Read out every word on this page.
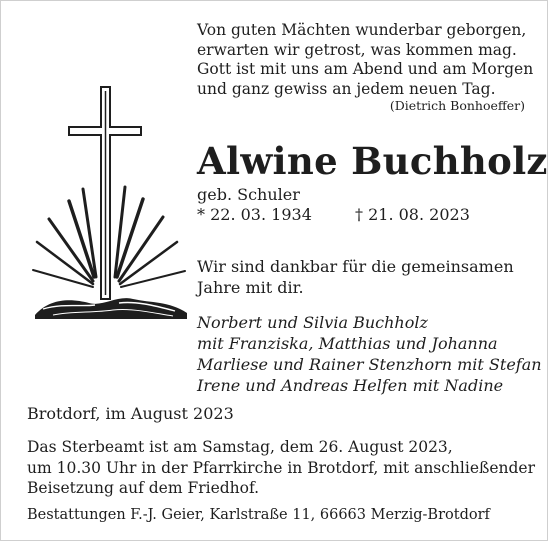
Von guten Mächten wunderbar geborgen,
erwarten wir getrost, was kommen mag.
Gott ist mit uns am Abend und am Morgen
und ganz gewiss an jedem neuen Tag.
(Dietrich Bonhoeffer)
Alwine Buchholz
geb. Schuler
* 22. 03. 1934	† 21. 08. 2023
Wir sind dankbar für die gemeinsamen
Jahre mit dir.
Norbert und Silvia Buchholz
mit Franziska, Matthias und Johanna
Marliese und Rainer Stenzhorn mit Stefan
Irene und Andreas Helfen mit Nadine
Brotdorf, im August 2023
Das Sterbeamt ist am Samstag, dem 26. August 2023,
um 10.30 Uhr in der Pfarrkirche in Brotdorf, mit anschließender
Beisetzung auf dem Friedhof.
Bestattungen F.-J. Geier, Karlstraße 11, 66663 Merzig-Brotdorf
